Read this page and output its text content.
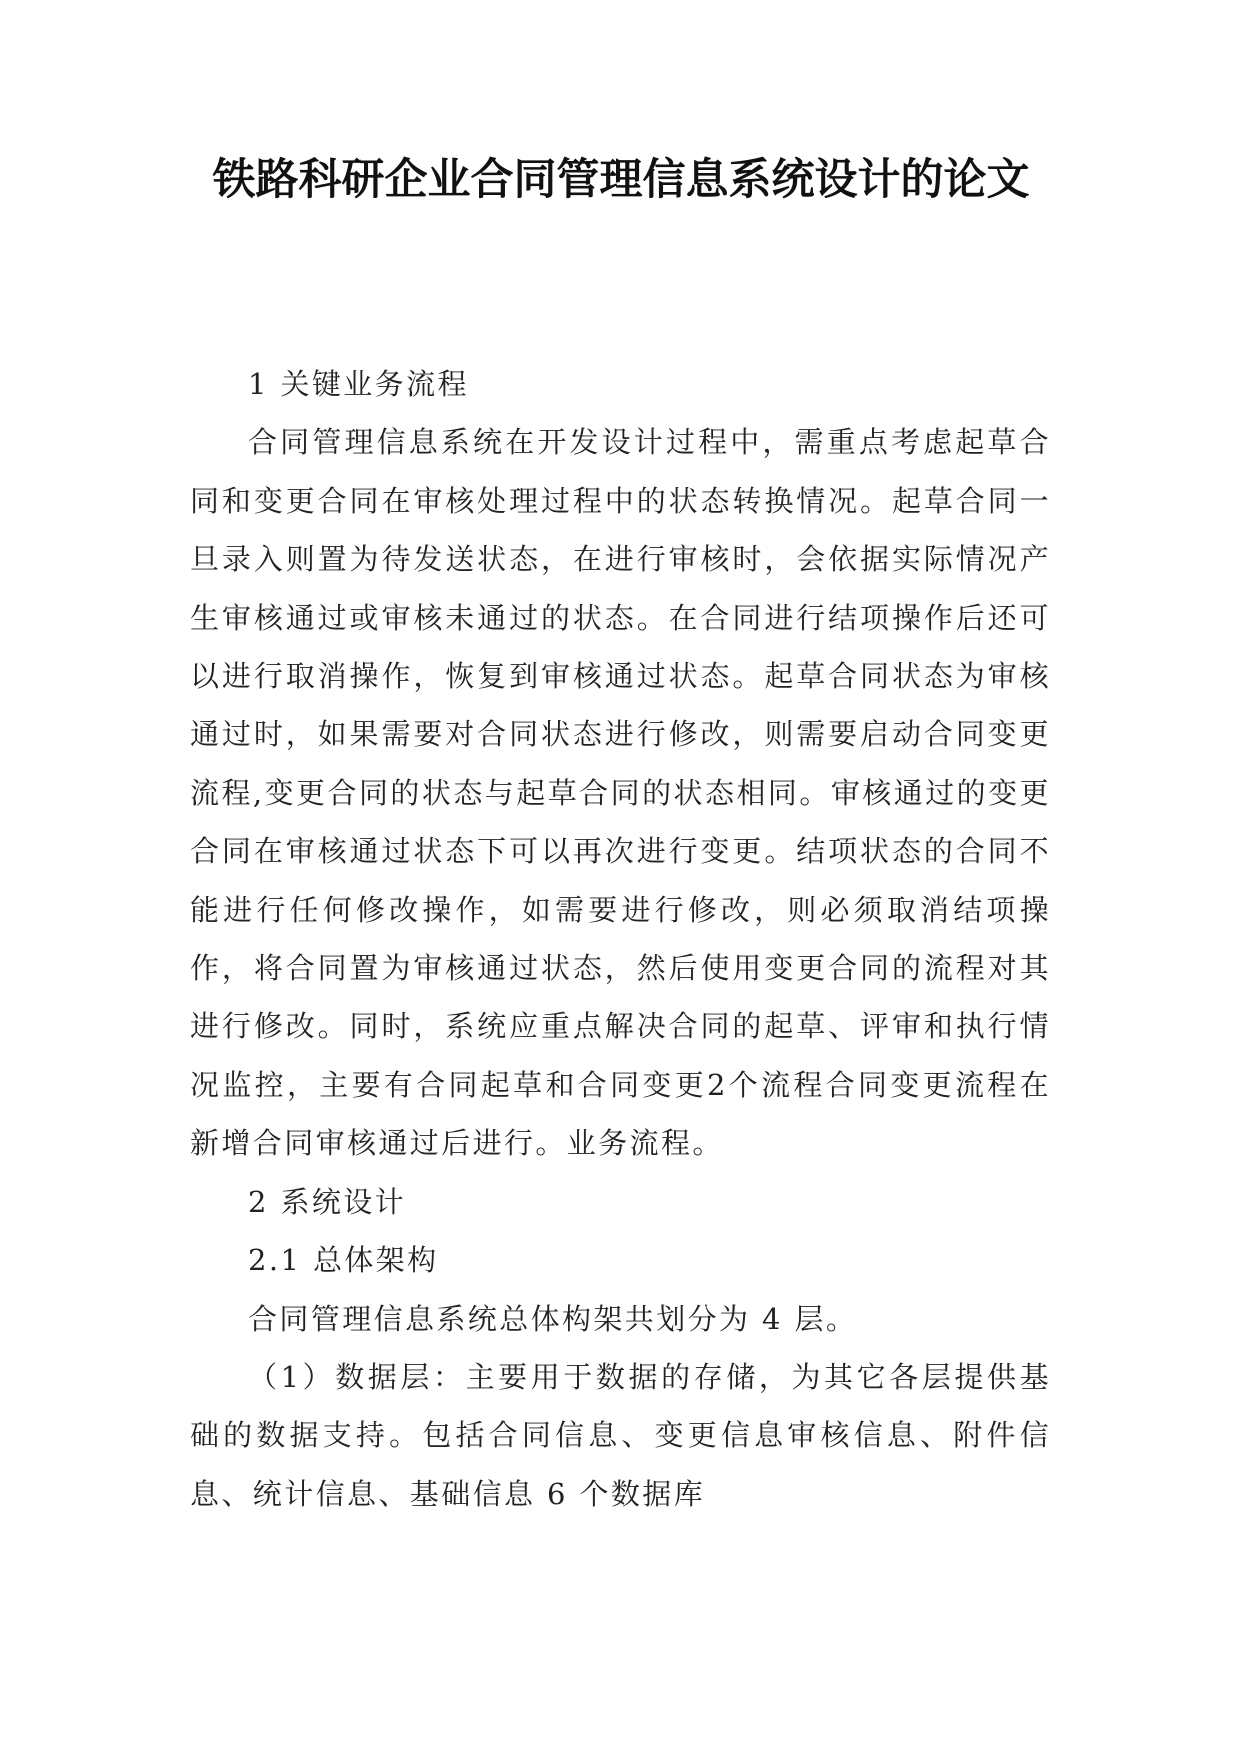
铁路科研企业合同管理信息系统设计的论文

1 关键业务流程

合同管理信息系统在开发设计过程中，需重点考虑起草合同和变更合同在审核处理过程中的状态转换情况。起草合同一旦录入则置为待发送状态，在进行审核时，会依据实际情况产生审核通过或审核未通过的状态。在合同进行结项操作后还可以进行取消操作，恢复到审核通过状态。起草合同状态为审核通过时，如果需要对合同状态进行修改，则需要启动合同变更流程,变更合同的状态与起草合同的状态相同。审核通过的变更合同在审核通过状态下可以再次进行变更。结项状态的合同不能进行任何修改操作，如需要进行修改，则必须取消结项操作，将合同置为审核通过状态，然后使用变更合同的流程对其进行修改。同时，系统应重点解决合同的起草、评审和执行情况监控，主要有合同起草和合同变更2个流程合同变更流程在新增合同审核通过后进行。业务流程。

2 系统设计

2.1 总体架构

合同管理信息系统总体构架共划分为 4 层。

（1）数据层：主要用于数据的存储，为其它各层提供基础的数据支持。包括合同信息、变更信息审核信息、附件信息、统计信息、基础信息 6 个数据库
